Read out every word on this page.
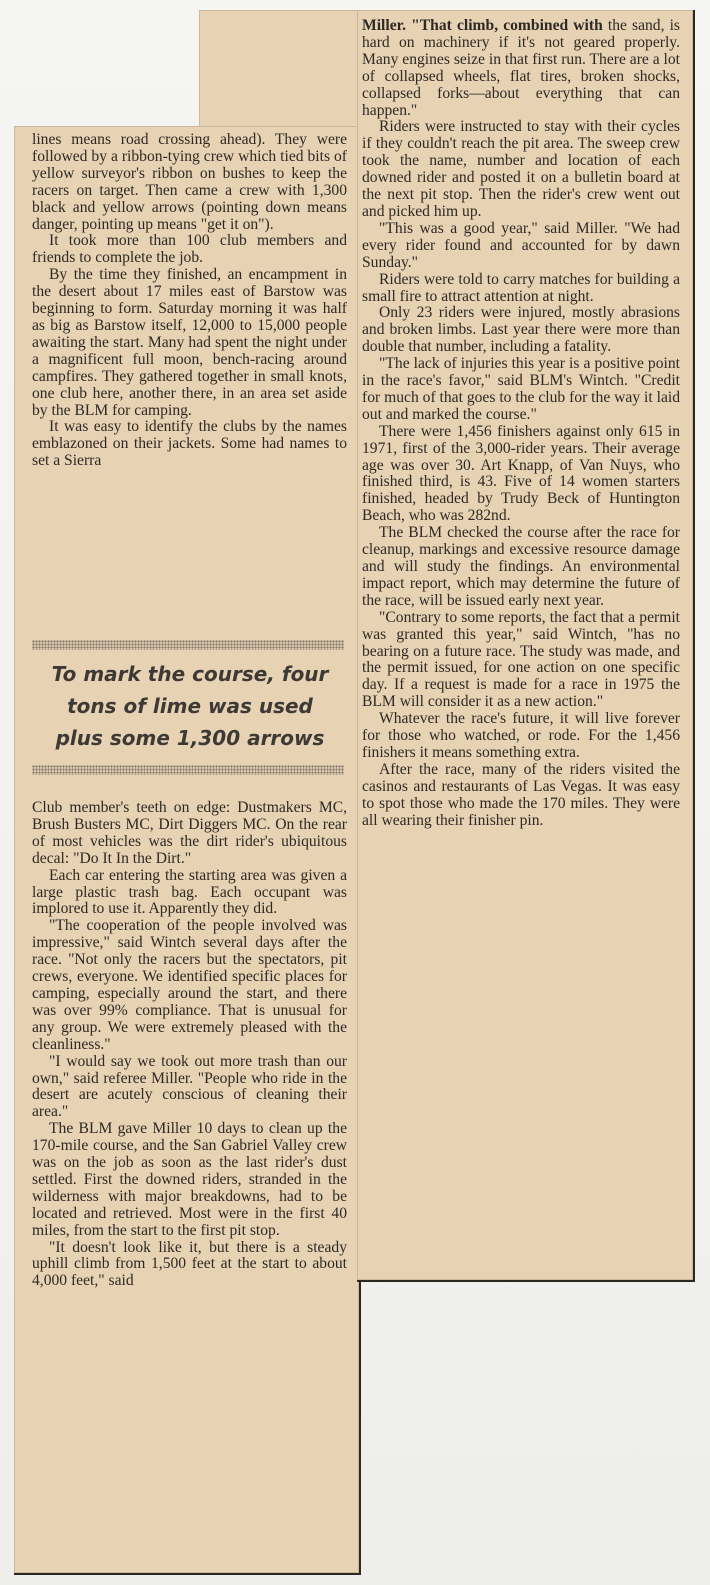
lines means road crossing ahead). They were followed by a ribbon-tying crew which tied bits of yellow surveyor's ribbon on bushes to keep the racers on target. Then came a crew with 1,300 black and yellow arrows (pointing down means danger, pointing up means "get it on").

It took more than 100 club members and friends to complete the job.

By the time they finished, an encampment in the desert about 17 miles east of Barstow was beginning to form. Saturday morning it was half as big as Barstow itself, 12,000 to 15,000 people awaiting the start. Many had spent the night under a magnificent full moon, bench-racing around campfires. They gathered together in small knots, one club here, another there, in an area set aside by the BLM for camping.

It was easy to identify the clubs by the names emblazoned on their jackets. Some had names to set a Sierra

To mark the course, four
tons of lime was used
plus some 1,300 arrows

Club member's teeth on edge: Dustmakers MC, Brush Busters MC, Dirt Diggers MC. On the rear of most vehicles was the dirt rider's ubiquitous decal: "Do It In the Dirt."

Each car entering the starting area was given a large plastic trash bag. Each occupant was implored to use it. Apparently they did.

"The cooperation of the people involved was impressive," said Wintch several days after the race. "Not only the racers but the spectators, pit crews, everyone. We identified specific places for camping, especially around the start, and there was over 99% compliance. That is unusual for any group. We were extremely pleased with the cleanliness."

"I would say we took out more trash than our own," said referee Miller. "People who ride in the desert are acutely conscious of cleaning their area."

The BLM gave Miller 10 days to clean up the 170-mile course, and the San Gabriel Valley crew was on the job as soon as the last rider's dust settled. First the downed riders, stranded in the wilderness with major breakdowns, had to be located and retrieved. Most were in the first 40 miles, from the start to the first pit stop.

"It doesn't look like it, but there is a steady uphill climb from 1,500 feet at the start to about 4,000 feet," said

Miller. "That climb, combined with the sand, is hard on machinery if it's not geared properly. Many engines seize in that first run. There are a lot of collapsed wheels, flat tires, broken shocks, collapsed forks—about everything that can happen."

Riders were instructed to stay with their cycles if they couldn't reach the pit area. The sweep crew took the name, number and location of each downed rider and posted it on a bulletin board at the next pit stop. Then the rider's crew went out and picked him up.

"This was a good year," said Miller. "We had every rider found and accounted for by dawn Sunday."

Riders were told to carry matches for building a small fire to attract attention at night.

Only 23 riders were injured, mostly abrasions and broken limbs. Last year there were more than double that number, including a fatality.

"The lack of injuries this year is a positive point in the race's favor," said BLM's Wintch. "Credit for much of that goes to the club for the way it laid out and marked the course."

There were 1,456 finishers against only 615 in 1971, first of the 3,000-rider years. Their average age was over 30. Art Knapp, of Van Nuys, who finished third, is 43. Five of 14 women starters finished, headed by Trudy Beck of Huntington Beach, who was 282nd.

The BLM checked the course after the race for cleanup, markings and excessive resource damage and will study the findings. An environmental impact report, which may determine the future of the race, will be issued early next year.

"Contrary to some reports, the fact that a permit was granted this year," said Wintch, "has no bearing on a future race. The study was made, and the permit issued, for one action on one specific day. If a request is made for a race in 1975 the BLM will consider it as a new action."

Whatever the race's future, it will live forever for those who watched, or rode. For the 1,456 finishers it means something extra.

After the race, many of the riders visited the casinos and restaurants of Las Vegas. It was easy to spot those who made the 170 miles. They were all wearing their finisher pin.
